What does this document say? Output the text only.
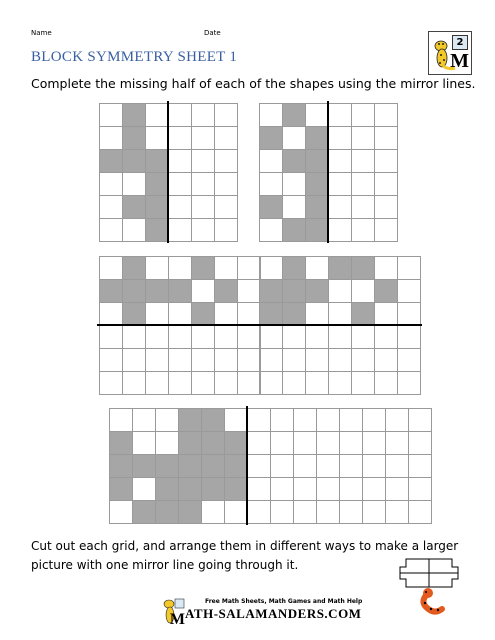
Name	Date
2
M
BLOCK SYMMETRY SHEET 1
Complete the missing half of each of the shapes using the mirror lines.
Cut out each grid, and arrange them in different ways to make a larger picture with one mirror line going through it.
M
Free Math Sheets, Math Games and Math Help
ATH-SALAMANDERS.COM
